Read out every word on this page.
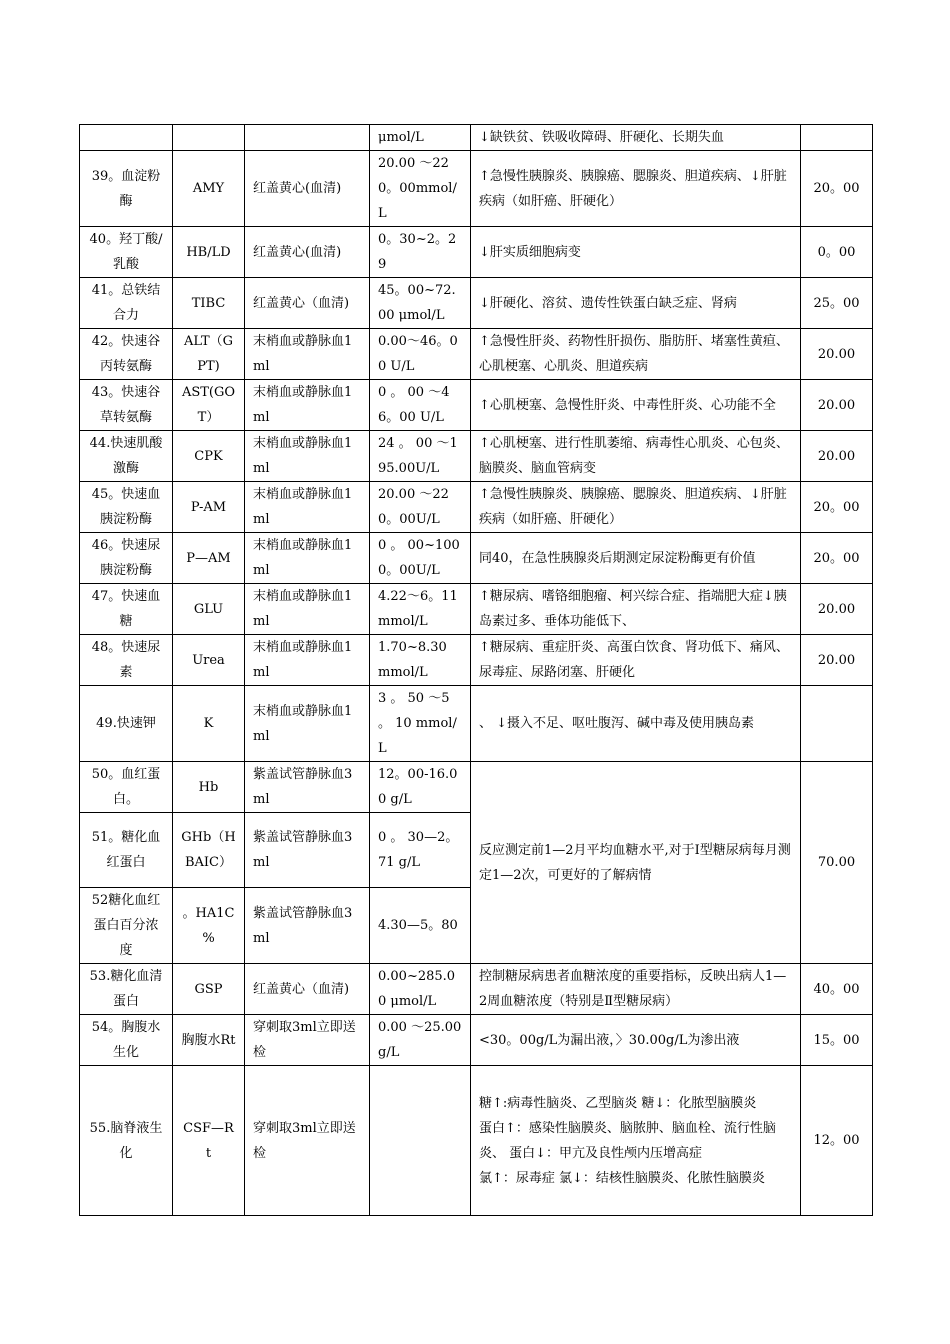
			μmol/L	↓缺铁贫、铁吸收障碍、肝硬化、长期失血	
39。血淀粉酶	AMY	红盖黄心(血清)	20.00 ～220。00mmol/L	↑急慢性胰腺炎、胰腺癌、腮腺炎、胆道疾病、↓肝脏疾病（如肝癌、肝硬化）	20。00
40。羟丁酸/乳酸	HB/LD	红盖黄心(血清)	0。30~2。29	↓肝实质细胞病变	0。00
41。总铁结合力	TIBC	红盖黄心（血清)	45。00~72.00 μmol/L	↓肝硬化、溶贫、遗传性铁蛋白缺乏症、肾病	25。00
42。快速谷丙转氨酶	ALT（GPT)	末梢血或静脉血1ml	0.00～46。00 U/L	↑急慢性肝炎、药物性肝损伤、脂肪肝、堵塞性黄疸、心肌梗塞、心肌炎、胆道疾病	20.00
43。快速谷草转氨酶	AST(GOT）	末梢血或静脉血1ml	0 。 00 ～46。00 U/L	↑心肌梗塞、急慢性肝炎、中毒性肝炎、心功能不全	20.00
44.快速肌酸激酶	CPK	末梢血或静脉血1ml	24 。 00 ～195.00U/L	↑心肌梗塞、进行性肌萎缩、病毒性心肌炎、心包炎、脑膜炎、脑血管病变	20.00
45。快速血胰淀粉酶	P-AM	末梢血或静脉血1ml	20.00 ～220。00U/L	↑急慢性胰腺炎、胰腺癌、腮腺炎、胆道疾病、↓肝脏疾病（如肝癌、肝硬化）	20。00
46。快速尿胰淀粉酶	P—AM	末梢血或静脉血1ml	0 。 00~1000。00U/L	同40，在急性胰腺炎后期测定尿淀粉酶更有价值	20。00
47。快速血糖	GLU	末梢血或静脉血1ml	4.22～6。11 mmol/L	↑糖尿病、嗜铬细胞瘤、柯兴综合症、指端肥大症↓胰岛素过多、垂体功能低下、	20.00
48。快速尿素	Urea	末梢血或静脉血1ml	1.70~8.30 mmol/L	↑糖尿病、重症肝炎、高蛋白饮食、肾功低下、痛风、尿毒症、尿路闭塞、肝硬化	20.00
49.快速钾	K	末梢血或静脉血1ml	3 。 50 ～5 。 10 mmol/L	、 ↓摄入不足、呕吐腹泻、碱中毒及使用胰岛素	
50。血红蛋白。	Hb	紫盖试管静脉血3ml	12。00-16.00 g/L	反应测定前1—2月平均血糖水平,对于Ⅰ型糖尿病每月测定1—2次，可更好的了解病情	70.00
51。糖化血红蛋白	GHb（HBAIC）	紫盖试管静脉血3ml	0 。 30—2。71 g/L		
52糖化血红蛋白百分浓度	。HA1C %	紫盖试管静脉血3ml	4.30—5。80		
53.糖化血清蛋白	GSP	红盖黄心（血清)	0.00~285.00 μmol/L	控制糖尿病患者血糖浓度的重要指标，反映出病人1—2周血糖浓度（特别是Ⅱ型糖尿病）	40。00
54。胸腹水生化	胸腹水Rt	穿刺取3ml立即送检	0.00 ～25.00g/L	<30。00g/L为漏出液，〉30.00g/L为渗出液	15。00
55.脑脊液生化	CSF—Rt	穿刺取3ml立即送检		糖↑:病毒性脑炎、乙型脑炎 糖↓：化脓型脑膜炎
蛋白↑：感染性脑膜炎、脑脓肿、脑血栓、流行性脑炎、 蛋白↓：甲亢及良性颅内压增高症
氯↑：尿毒症 氯↓：结核性脑膜炎、化脓性脑膜炎	12。00
